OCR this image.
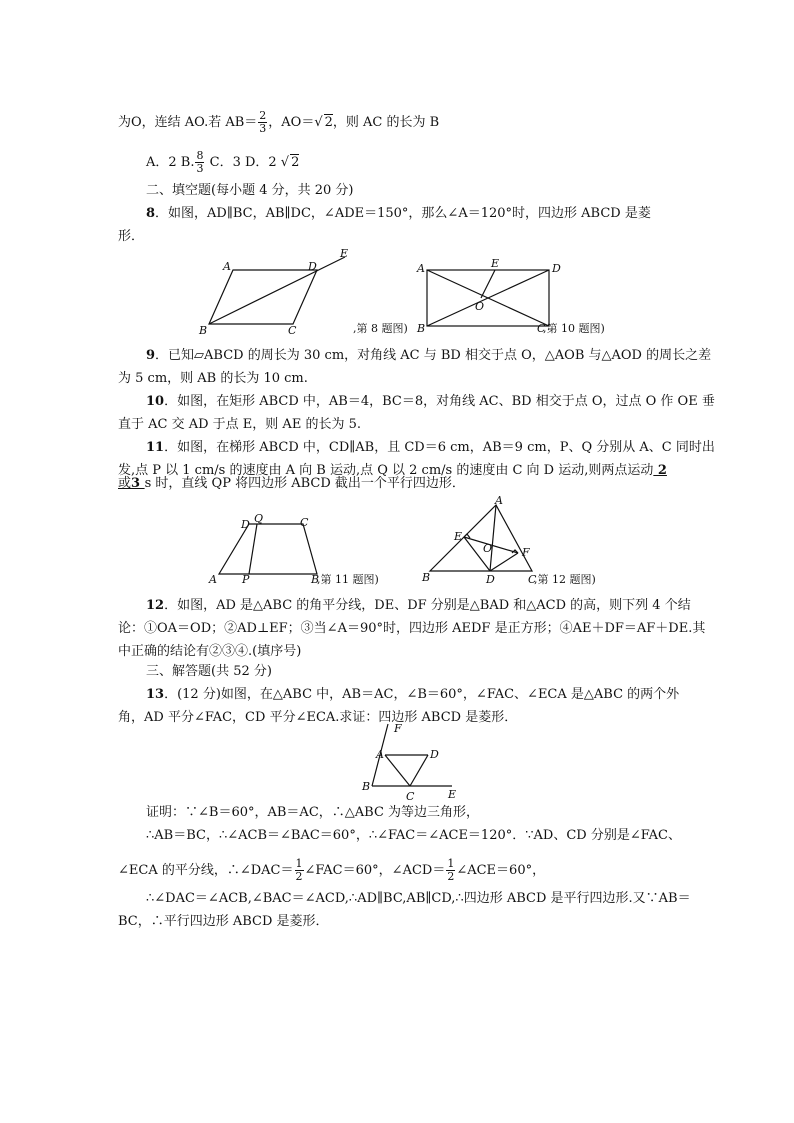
为O，连结 AO.若 $AB= \frac{2}{3}$ ，AO＝√ 2，则 AC 的长为 B
A．2 B. $\frac{8}{3}$ C．3 D．2 √ 2
二、填空题(每小题 4 分，共 20 分)
8．如图，AD∥BC，AB∥DC，∠ADE＝150°，那么∠A＝120°时，四边形 ABCD 是菱
形．
A	D
E
B	C	,第 8 题图)
A	E	D
O
B	C
,第 10 题图)
9．已知▱ABCD 的周长为 30 cm，对角线 AC 与 BD 相交于点 O，△AOB 与△AOD 的周长之差
为 5 cm，则 AB 的长为 10 cm.
10．如图，在矩形 ABCD 中，AB＝4，BC＝8，对角线 AC、BD 相交于点 O，过点 O 作 OE 垂
直于 AC 交 AD 于点 E，则 AE 的长为 5.
11．如图，在梯形 ABCD 中，CD∥AB，且 CD＝6 cm，AB＝9 cm，P、Q 分别从 A、C 同时出
发,点 P 以 1 cm/s 的速度由 A 向 B 运动,点 Q 以 2 cm/s 的速度由 C 向 D 运动,则两点运动 2
或3 s 时，直线 QP 将四边形 ABCD 截出一个平行四边形．
D Q	C
A P	B
,第 11 题图)
A
E
F
O
B	D	C
,第 12 题图)
12．如图，AD 是△ABC 的角平分线，DE、DF 分别是△BAD 和△ACD 的高，则下列 4 个结
论：①OA＝OD；②AD⊥EF；③当∠A＝90°时，四边形 AEDF 是正方形；④AE＋DF＝AF＋DE.其
中正确的结论有②③④.(填序号)
三、解答题(共 52 分)
13．(12 分)如图，在△ABC 中，AB＝AC，∠B＝60°，∠FAC、∠ECA 是△ABC 的两个外
角，AD 平分∠FAC，CD 平分∠ECA.求证：四边形 ABCD 是菱形．
F
A	D
B
C	E
证明：∵∠B＝60°，AB＝AC，∴△ABC 为等边三角形，
∴AB＝BC，∴∠ACB＝∠BAC＝60°，∴∠FAC＝∠ACE＝120°．∵AD、CD 分别是∠FAC、
∠ECA 的平分线，∴∠DAC＝ $\frac{1}{2}$ ∠FAC＝60°，∠ACD＝ $\frac{1}{2}$ ∠ACE＝60°，
∴∠DAC＝∠ACB,∠BAC＝∠ACD,∴AD∥BC,AB∥CD,∴四边形 ABCD 是平行四边形.又∵AB＝
BC，∴平行四边形 ABCD 是菱形．
